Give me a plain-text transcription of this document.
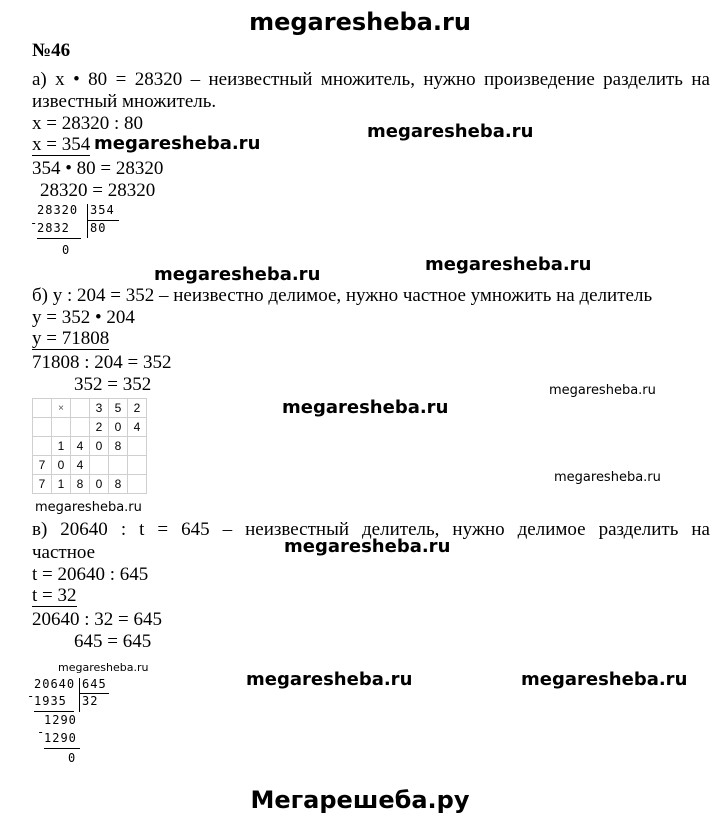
megaresheba.ru
№46
а) х • 80 = 28320 – неизвестный множитель, нужно произведение разделить на
известный множитель.
х = 28320 : 80
х = 354
354 • 80 = 28320
28320 = 28320
28320 354
-
2832 80
0
б) у : 204 = 352 – неизвестно делимое, нужно частное умножить на делитель
у = 352 • 204
у = 71808
71808 : 204 = 352
352 = 352
	×		3	5	2
			2	0	4
	1	4	0	8	
7	0	4			
7	1	8	0	8	
в) 20640 : t = 645 – неизвестный делитель, нужно делимое разделить на
частное
t = 20640 : 645
t = 32
20640 : 32 = 645
645 = 645
20640 645
-
1935 32
1290
-
1290
0
megaresheba.ru
megaresheba.ru
megaresheba.ru	megaresheba.ru
megaresheba.ru
megaresheba.ru
megaresheba.ru
megaresheba.ru
megaresheba.ru
megaresheba.ru
megaresheba.ru	megaresheba.ru
Мегарешеба.ру
